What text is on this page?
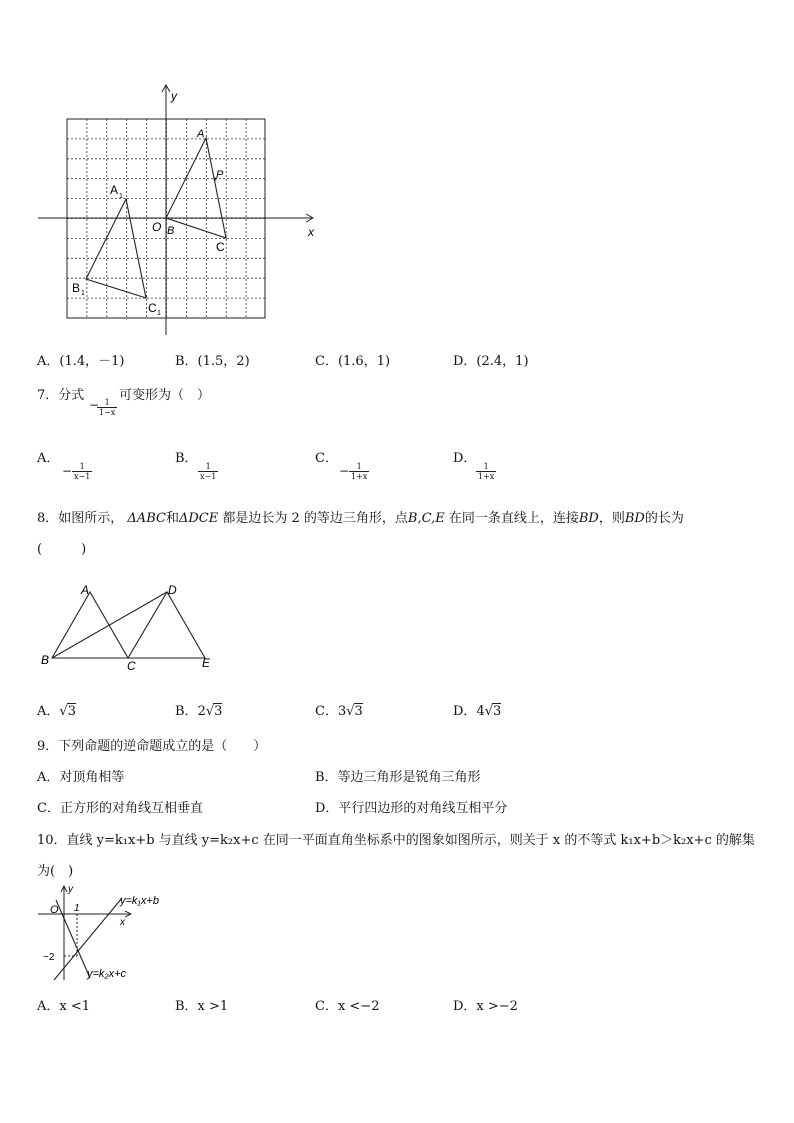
y
x
O B
A
P
C
A 1
B 1
C 1
A．(1.4，－1)	B．(1.5，2)	C．(1.6，1)	D．(2.4，1)
7．分式
−
$\frac{1}{1-x}$
可变形为（　）
A．
− $\frac{1}{x-1}$
B．
$\frac{1}{x-1}$
C．
− $\frac{1}{1+x}$
D．
$\frac{1}{1+x}$
8．如图所示， ΔABC和ΔDCE 都是边长为 2 的等边三角形，点B,C,E 在同一条直线上，连接BD，则BD的长为
(　　　)
A
B	C
D
E
A．√3	B．2√3	C．3√3	D．4√3
9．下列命题的逆命题成立的是（　　）
A．对顶角相等	B．等边三角形是锐角三角形
C．正方形的对角线互相垂直	D．平行四边形的对角线互相平分
10．直线 y=k₁x+b 与直线 y=k₂x+c 在同一平面直角坐标系中的图象如图所示，则关于 x 的不等式 k₁x+b＞k₂x+c 的解集
为(　)
y
x
O 1
−2
y=k₁x+b
y=k₂x+c
A．x <1	B．x >1	C．x <−2	D．x >−2
